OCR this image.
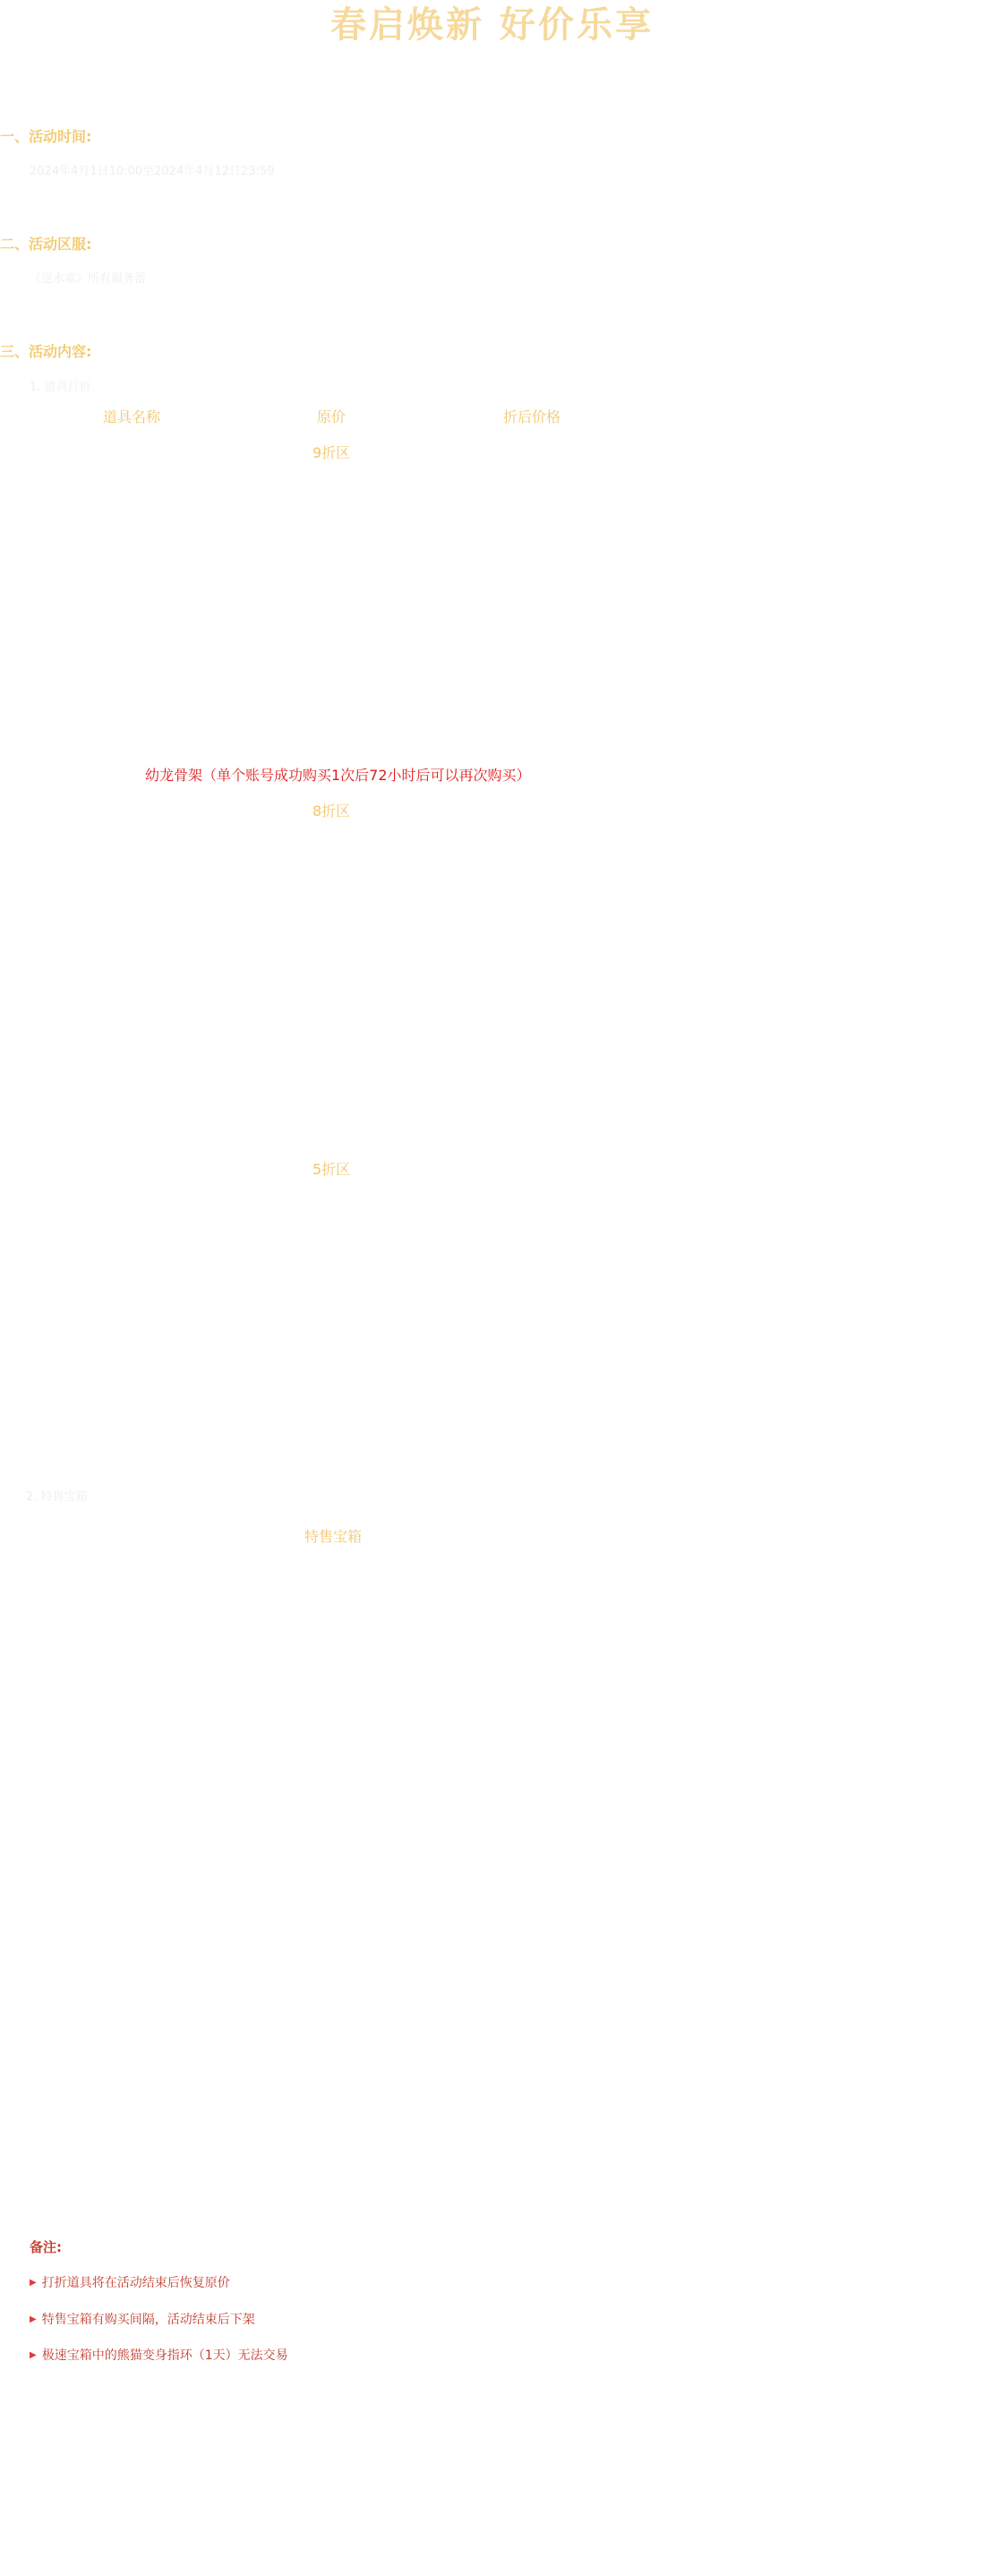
春启焕新 好价乐享
一、活动时间:
2024年4月1日10:00至2024年4月12日23:59
二、活动区服:
《逆水寒》所有服务器
三、活动内容:
1. 道具打折
道具名称	原价	折后价格
9折区
幼龙骨架（单个账号成功购买1次后72小时后可以再次购买）
8折区
5折区
2. 特售宝箱
特售宝箱
备注:
▶ 打折道具将在活动结束后恢复原价
▶ 特售宝箱有购买间隔，活动结束后下架
▶ 极速宝箱中的熊猫变身指环（1天）无法交易
